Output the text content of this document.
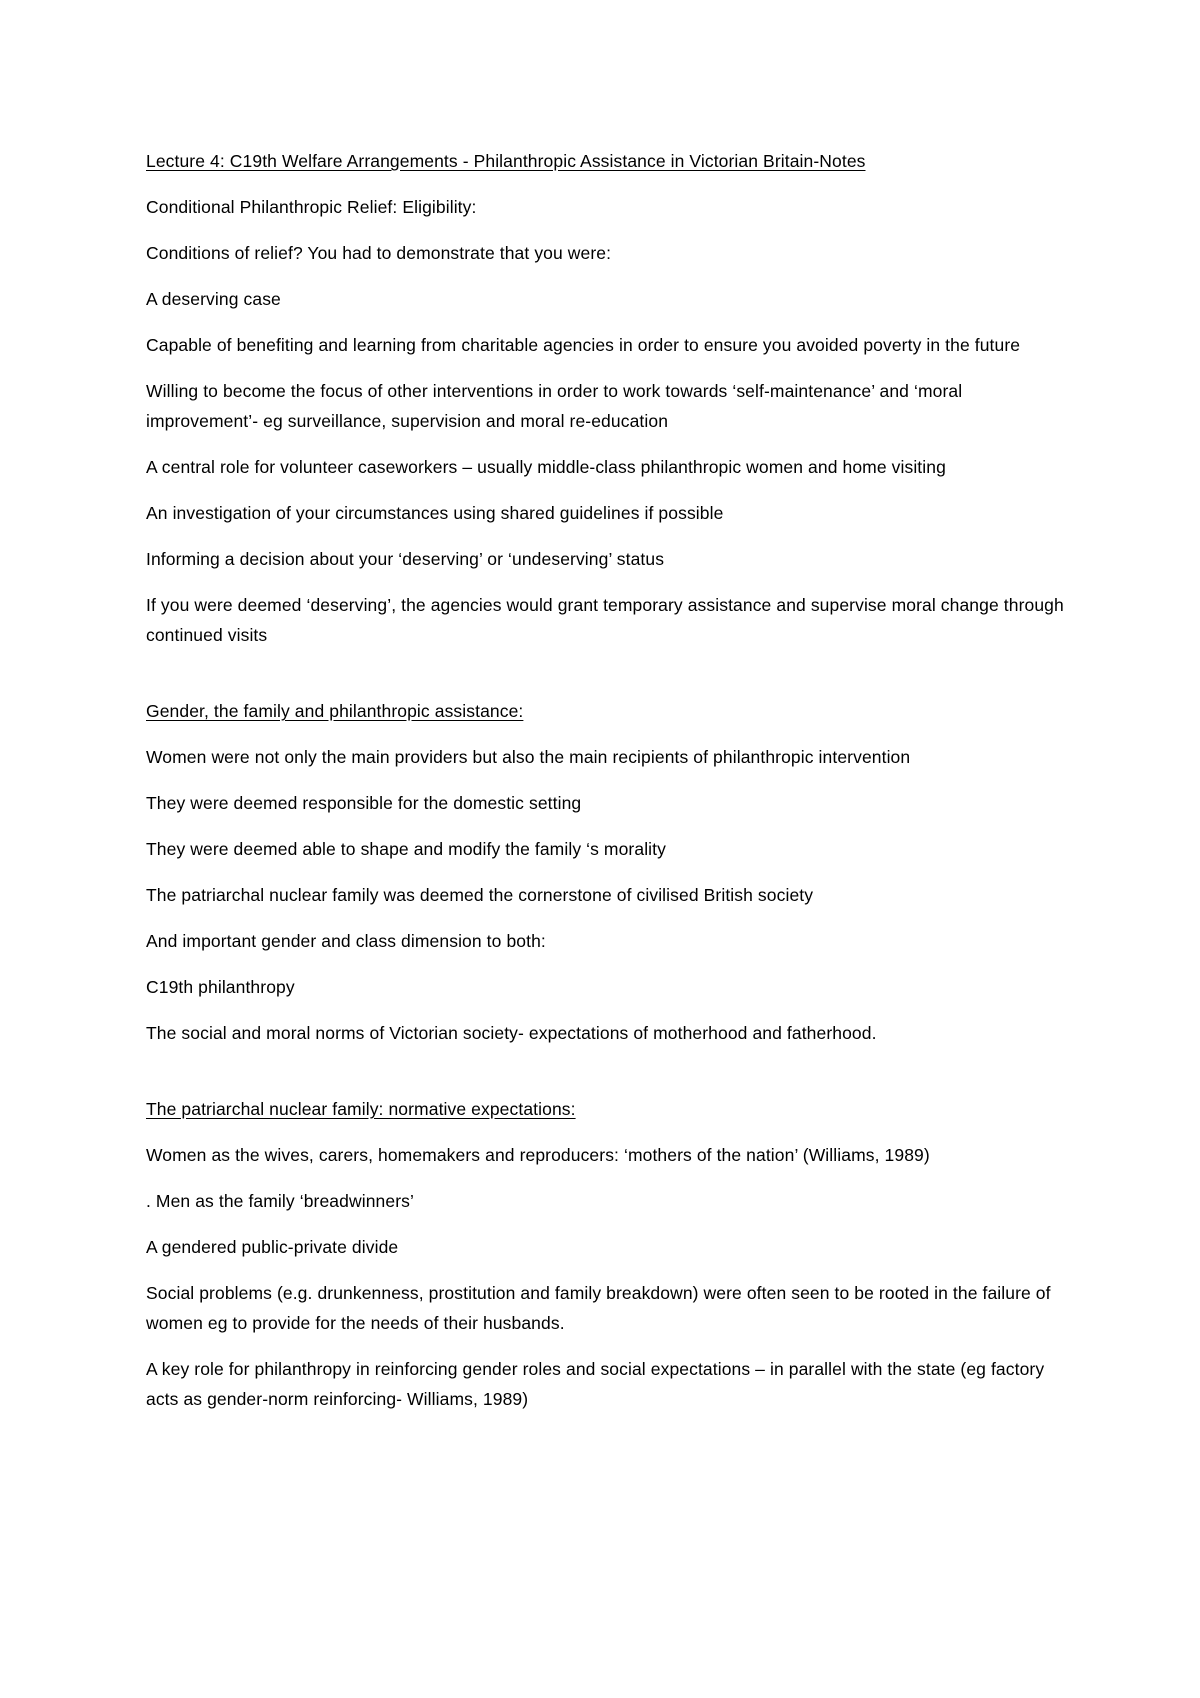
Lecture 4: C19th Welfare Arrangements - Philanthropic Assistance in Victorian Britain-Notes

Conditional Philanthropic Relief: Eligibility:

Conditions of relief? You had to demonstrate that you were:

A deserving case

Capable of benefiting and learning from charitable agencies in order to ensure you avoided poverty in the future

Willing to become the focus of other interventions in order to work towards ‘self-maintenance’ and ‘moral improvement’- eg surveillance, supervision and moral re-education

A central role for volunteer caseworkers – usually middle-class philanthropic women and home visiting

An investigation of your circumstances using shared guidelines if possible

Informing a decision about your ‘deserving’ or ‘undeserving’ status

If you were deemed ‘deserving’, the agencies would grant temporary assistance and supervise moral change through continued visits

Gender, the family and philanthropic assistance:

Women were not only the main providers but also the main recipients of philanthropic intervention

They were deemed responsible for the domestic setting

They were deemed able to shape and modify the family ‘s morality

The patriarchal nuclear family was deemed the cornerstone of civilised British society

And important gender and class dimension to both:

C19th philanthropy

The social and moral norms of Victorian society- expectations of motherhood and fatherhood.

The patriarchal nuclear family: normative expectations:

Women as the wives, carers, homemakers and reproducers: ‘mothers of the nation’ (Williams, 1989)

. Men as the family ‘breadwinners’

A gendered public-private divide

Social problems (e.g. drunkenness, prostitution and family breakdown) were often seen to be rooted in the failure of women eg to provide for the needs of their husbands.

A key role for philanthropy in reinforcing gender roles and social expectations – in parallel with the state (eg factory acts as gender-norm reinforcing- Williams, 1989)
